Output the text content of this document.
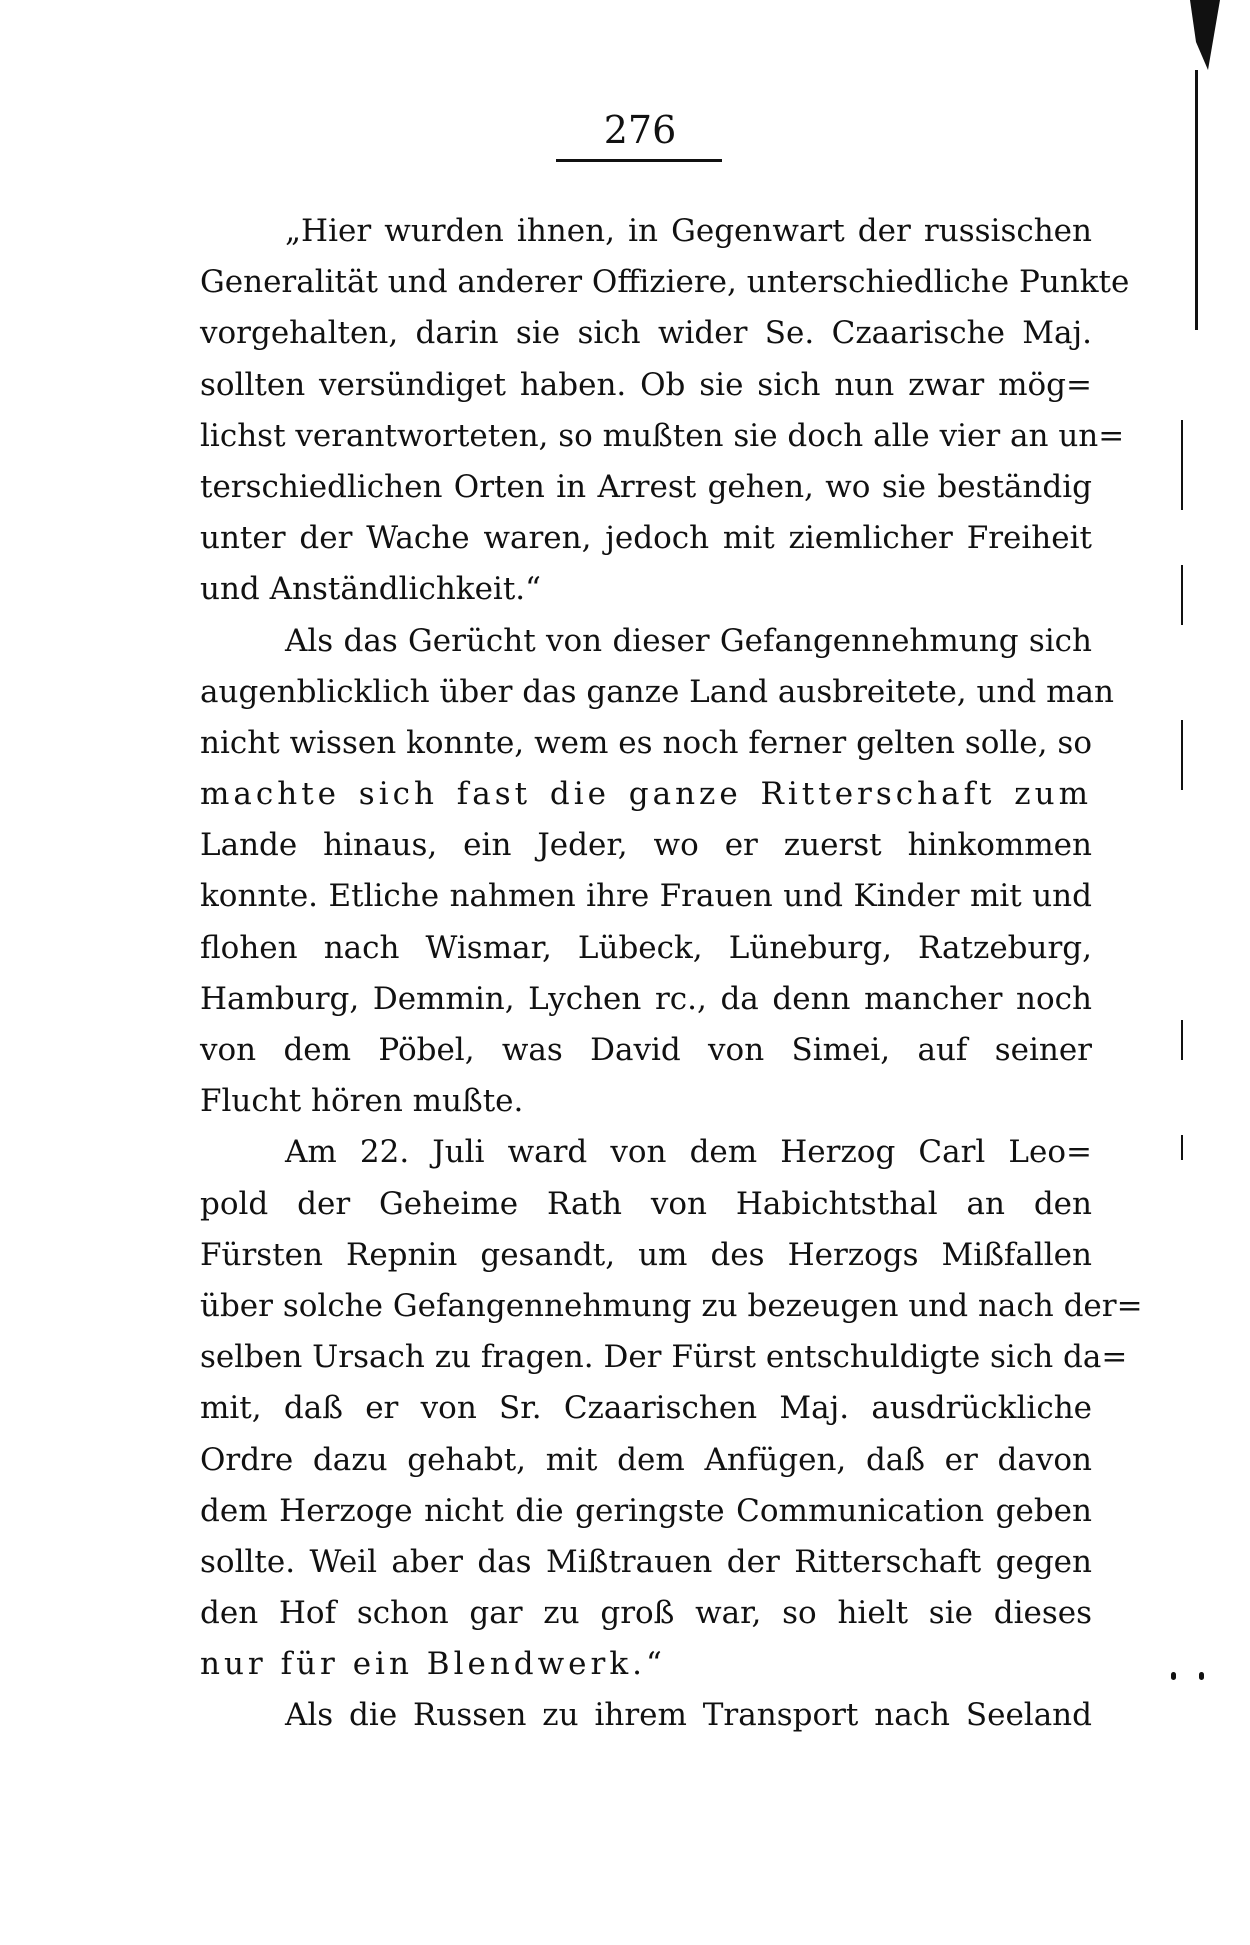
276
„Hier wurden ihnen, in Gegenwart der russischen
Generalität und anderer Offiziere, unterschiedliche Punkte
vorgehalten, darin sie sich wider Se. Czaarische Maj.
sollten versündiget haben. Ob sie sich nun zwar mög=
lichst verantworteten, so mußten sie doch alle vier an un=
terschiedlichen Orten in Arrest gehen, wo sie beständig
unter der Wache waren, jedoch mit ziemlicher Freiheit
und Anständlichkeit.“
Als das Gerücht von dieser Gefangennehmung sich
augenblicklich über das ganze Land ausbreitete, und man
nicht wissen konnte, wem es noch ferner gelten solle, so
machte sich fast die ganze Ritterschaft zum
Lande hinaus, ein Jeder, wo er zuerst hinkommen
konnte. Etliche nahmen ihre Frauen und Kinder mit und
flohen nach Wismar, Lübeck, Lüneburg, Ratzeburg,
Hamburg, Demmin, Lychen rc., da denn mancher noch
von dem Pöbel, was David von Simei, auf seiner
Flucht hören mußte.
Am 22. Juli ward von dem Herzog Carl Leo=
pold der Geheime Rath von Habichtsthal an den
Fürsten Repnin gesandt, um des Herzogs Mißfallen
über solche Gefangennehmung zu bezeugen und nach der=
selben Ursach zu fragen. Der Fürst entschuldigte sich da=
mit, daß er von Sr. Czaarischen Maj. ausdrückliche
Ordre dazu gehabt, mit dem Anfügen, daß er davon
dem Herzoge nicht die geringste Communication geben
sollte. Weil aber das Mißtrauen der Ritterschaft gegen
den Hof schon gar zu groß war, so hielt sie dieses
nur für ein Blendwerk.“
Als die Russen zu ihrem Transport nach Seeland
